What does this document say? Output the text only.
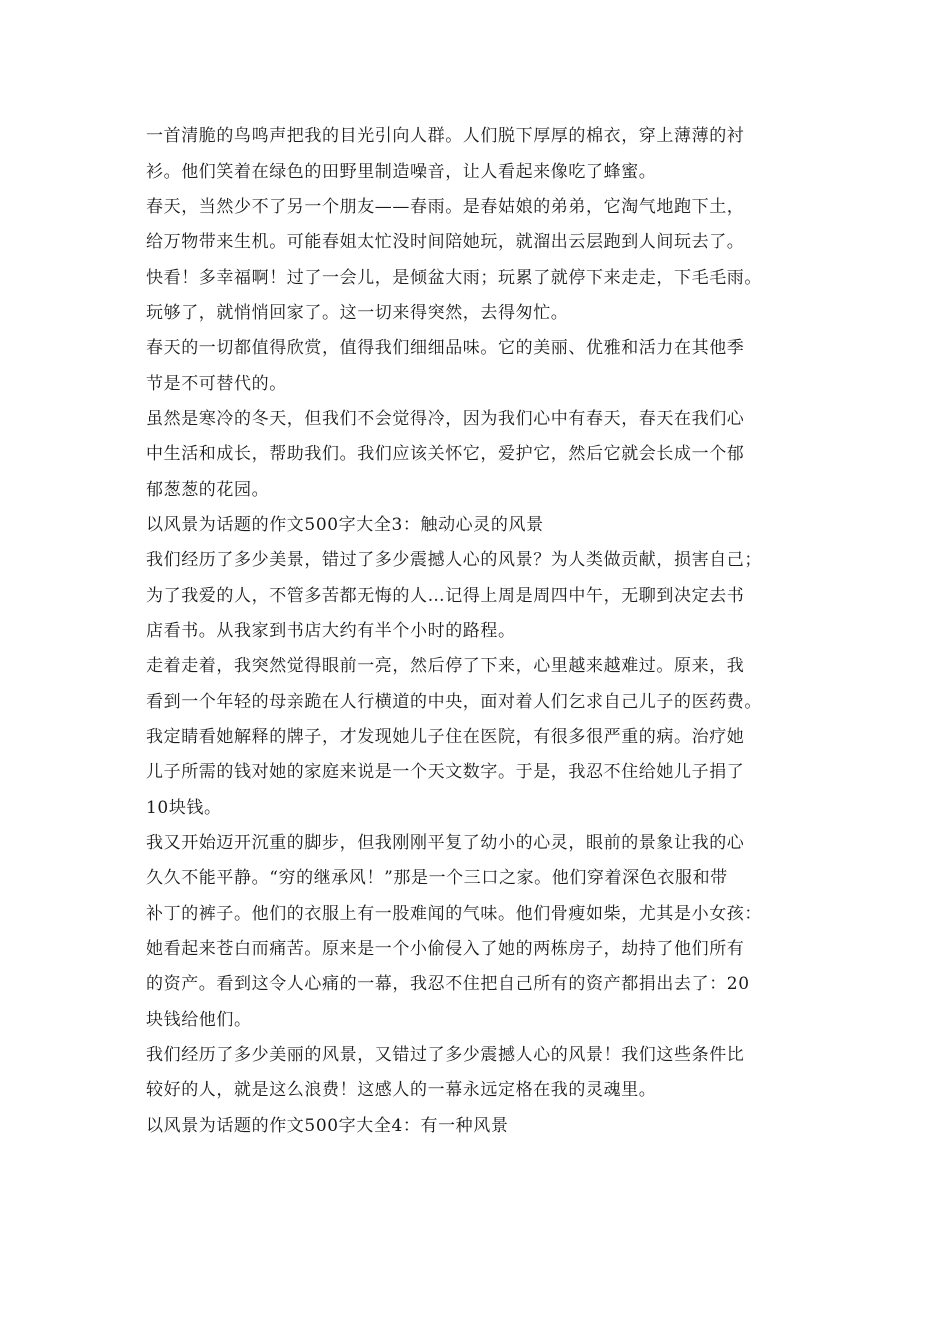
一首清脆的鸟鸣声把我的目光引向人群。人们脱下厚厚的棉衣，穿上薄薄的衬
衫。他们笑着在绿色的田野里制造噪音，让人看起来像吃了蜂蜜。
春天，当然少不了另一个朋友——春雨。是春姑娘的弟弟，它淘气地跑下土，
给万物带来生机。可能春姐太忙没时间陪她玩，就溜出云层跑到人间玩去了。
快看！多幸福啊！过了一会儿，是倾盆大雨；玩累了就停下来走走，下毛毛雨。
玩够了，就悄悄回家了。这一切来得突然，去得匆忙。
春天的一切都值得欣赏，值得我们细细品味。它的美丽、优雅和活力在其他季
节是不可替代的。
虽然是寒冷的冬天，但我们不会觉得冷，因为我们心中有春天，春天在我们心
中生活和成长，帮助我们。我们应该关怀它，爱护它，然后它就会长成一个郁
郁葱葱的花园。
以风景为话题的作文500字大全3：触动心灵的风景
我们经历了多少美景，错过了多少震撼人心的风景？为人类做贡献，损害自己；
为了我爱的人，不管多苦都无悔的人…记得上周是周四中午，无聊到决定去书
店看书。从我家到书店大约有半个小时的路程。
走着走着，我突然觉得眼前一亮，然后停了下来，心里越来越难过。原来，我
看到一个年轻的母亲跪在人行横道的中央，面对着人们乞求自己儿子的医药费。
我定睛看她解释的牌子，才发现她儿子住在医院，有很多很严重的病。治疗她
儿子所需的钱对她的家庭来说是一个天文数字。于是，我忍不住给她儿子捐了
10块钱。
我又开始迈开沉重的脚步，但我刚刚平复了幼小的心灵，眼前的景象让我的心
久久不能平静。“穷的继承风！”那是一个三口之家。他们穿着深色衣服和带
补丁的裤子。他们的衣服上有一股难闻的气味。他们骨瘦如柴，尤其是小女孩：
她看起来苍白而痛苦。原来是一个小偷侵入了她的两栋房子，劫持了他们所有
的资产。看到这令人心痛的一幕，我忍不住把自己所有的资产都捐出去了：20
块钱给他们。
我们经历了多少美丽的风景，又错过了多少震撼人心的风景！我们这些条件比
较好的人，就是这么浪费！这感人的一幕永远定格在我的灵魂里。
以风景为话题的作文500字大全4：有一种风景
